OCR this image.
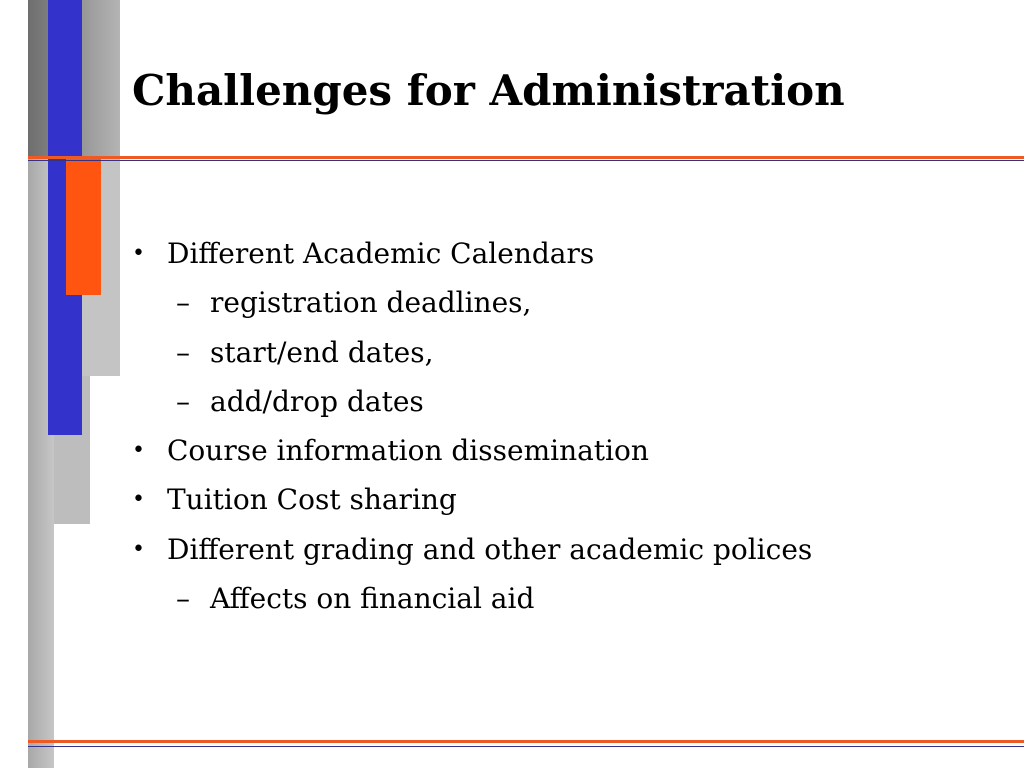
Challenges for Administration
• Different Academic Calendars
– registration deadlines,
– start/end dates,
– add/drop dates
• Course information dissemination
• Tuition Cost sharing
• Different grading and other academic polices
– Affects on financial aid
